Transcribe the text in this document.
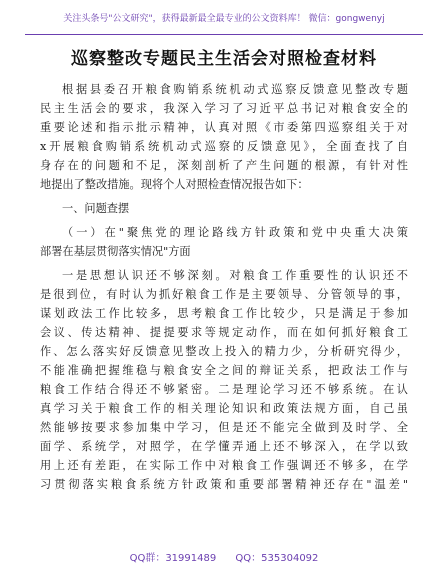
关注头条号"公文研究"，获得最新最全最专业的公文资料库！ 微信：gongwenyj
巡察整改专题民主生活会对照检查材料
根据县委召开粮食购销系统机动式巡察反馈意见整改专题
民主生活会的要求，我深入学习了习近平总书记对粮食安全的
重要论述和指示批示精神，认真对照《市委第四巡察组关于对
x开展粮食购销系统机动式巡察的反馈意见》，全面查找了自
身存在的问题和不足，深刻剖析了产生问题的根源，有针对性
地提出了整改措施。现将个人对照检查情况报告如下：
一、问题查摆
（一）在"聚焦党的理论路线方针政策和党中央重大决策
部署在基层贯彻落实情况"方面
一是思想认识还不够深刻。对粮食工作重要性的认识还不
是很到位，有时认为抓好粮食工作是主要领导、分管领导的事，
谋划政法工作比较多，思考粮食工作比较少，只是满足于参加
会议、传达精神、提提要求等规定动作，而在如何抓好粮食工
作、怎么落实好反馈意见整改上投入的精力少，分析研究得少，
不能准确把握维稳与粮食安全之间的辩证关系，把政法工作与
粮食工作结合得还不够紧密。二是理论学习还不够系统。在认
真学习关于粮食工作的相关理论知识和政策法规方面，自己虽
然能够按要求参加集中学习，但是还不能完全做到及时学、全
面学、系统学，对照学，在学懂弄通上还不够深入，在学以致
用上还有差距，在实际工作中对粮食工作强调还不够多，在学
习贯彻落实粮食系统方针政策和重要部署精神还存在"温差"
QQ群：31991489 QQ：535304092
